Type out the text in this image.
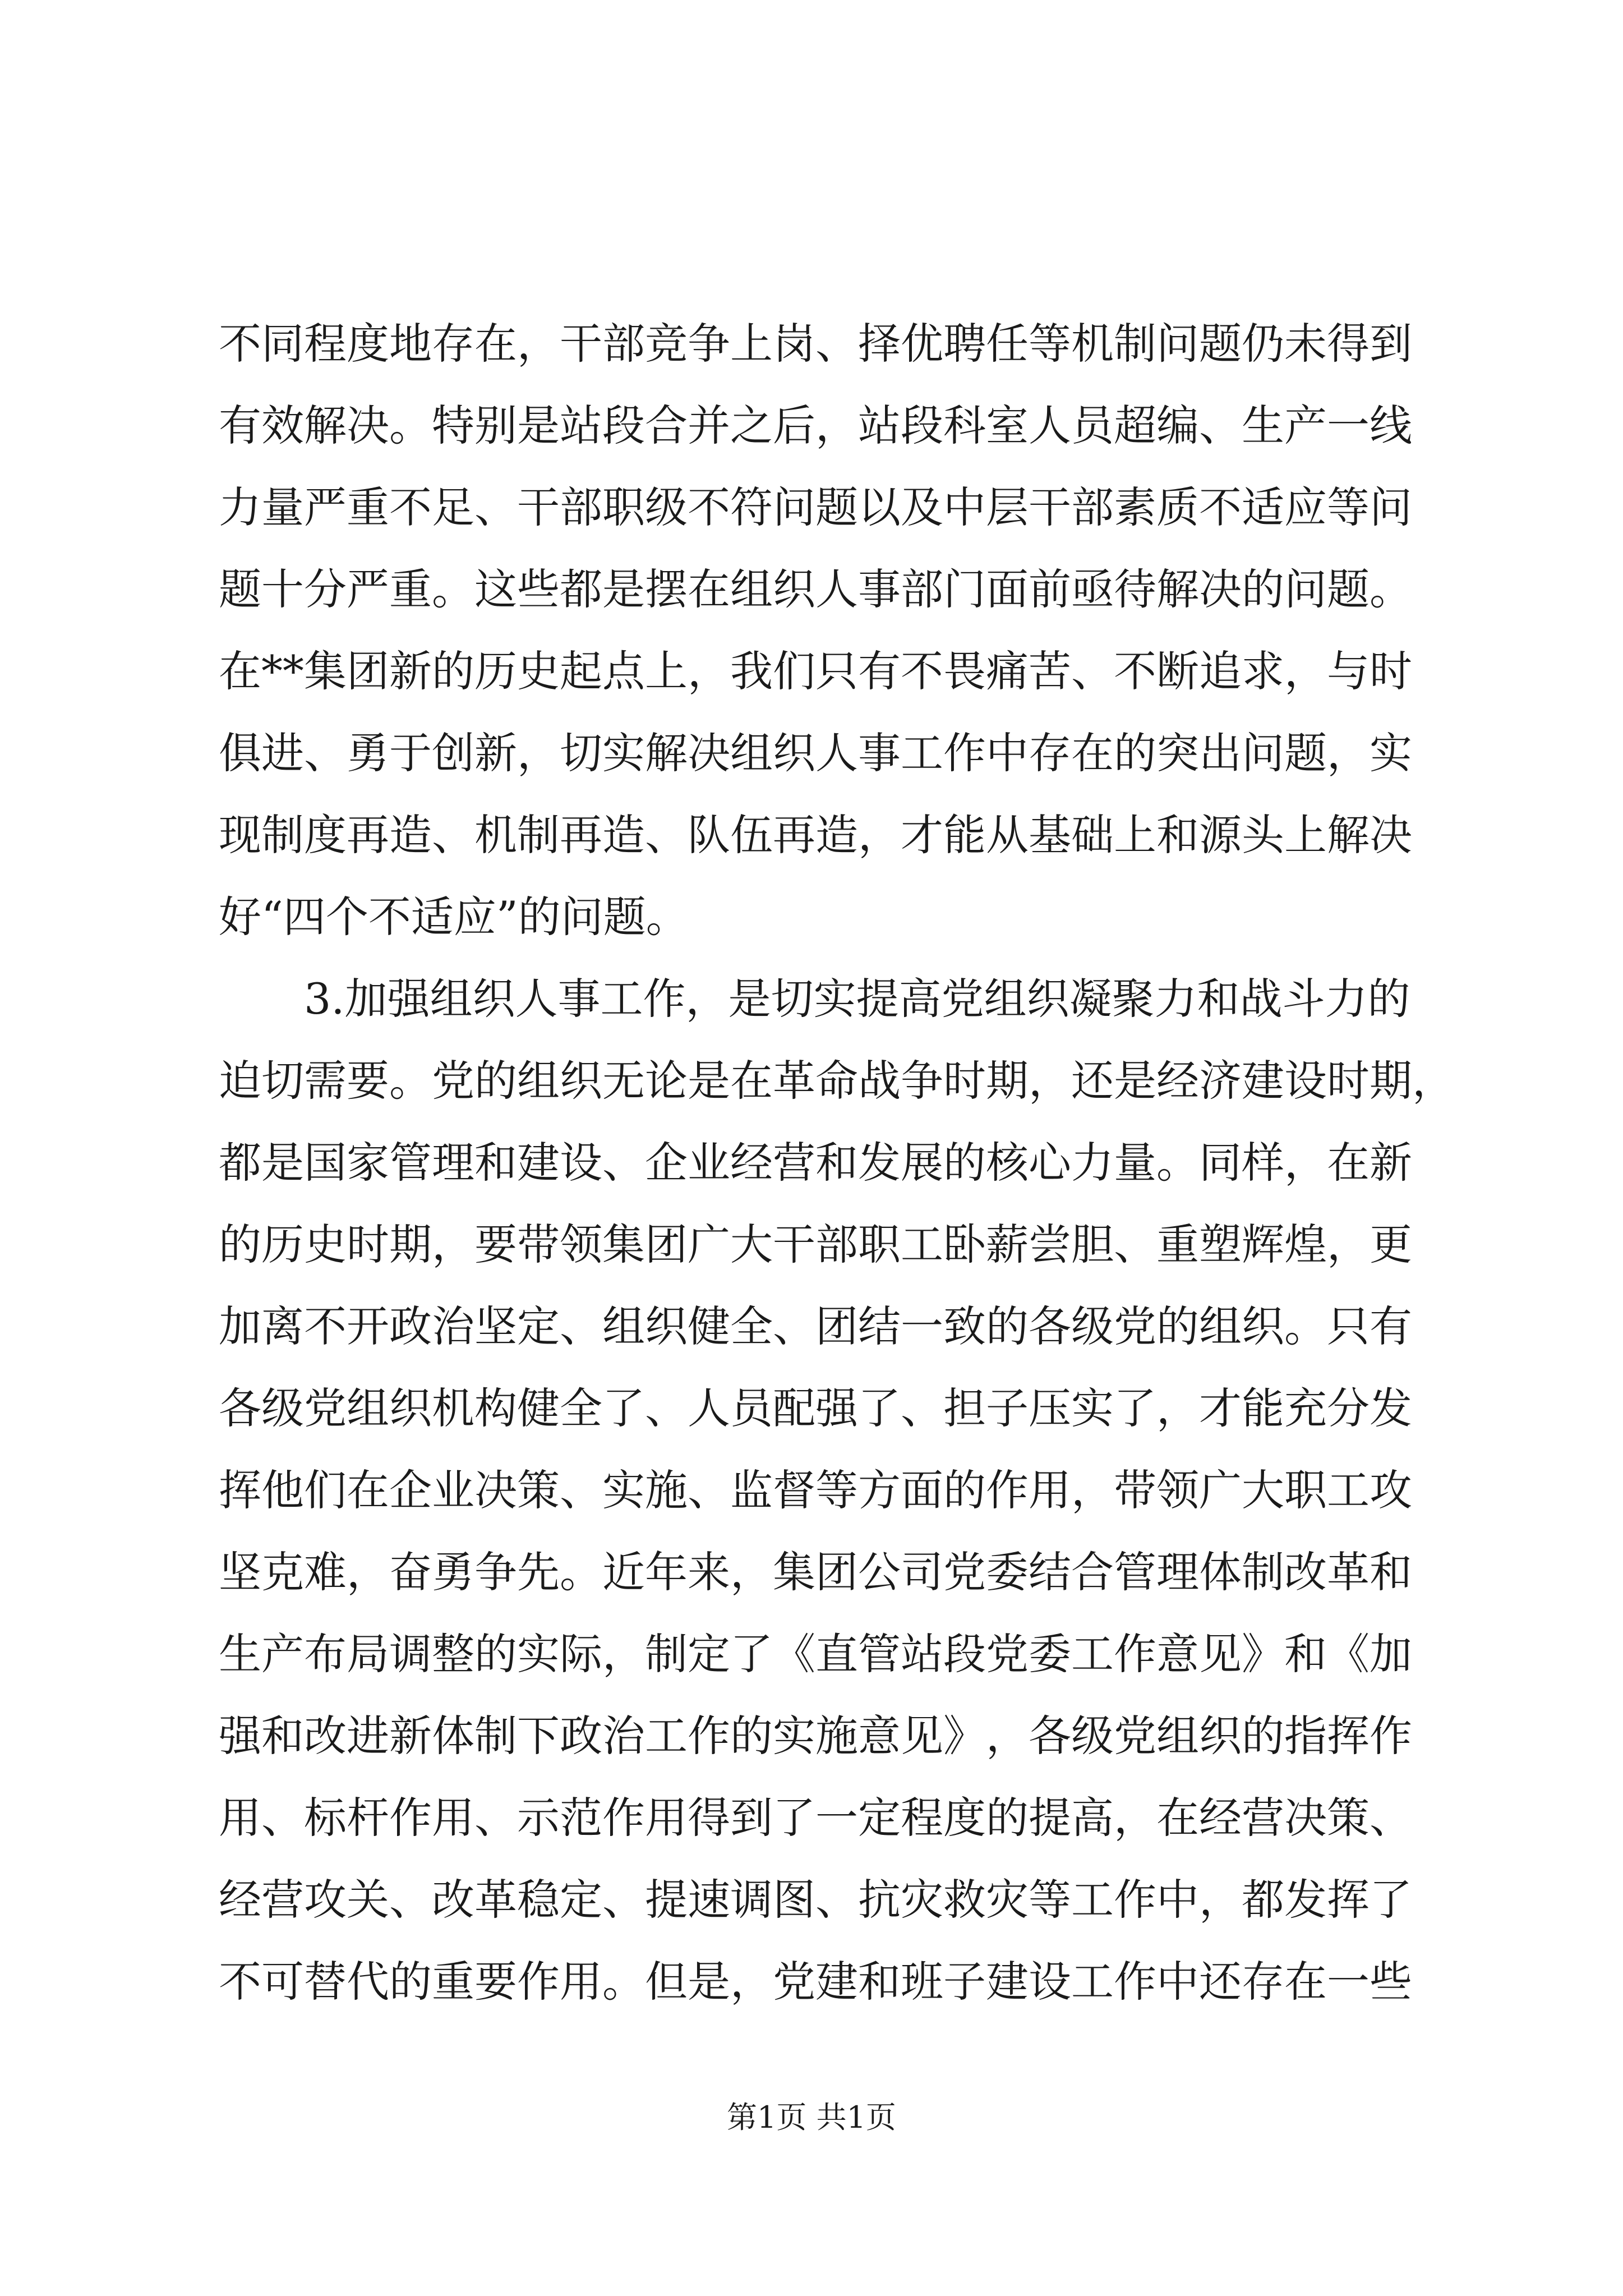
不 同 程 度 地 存 在 ， 干 部 竞 争 上 岗 、 择 优 聘 任 等 机 制 问 题 仍 未 得 到
有 效 解 决 。 特 别 是 站 段 合 并 之 后 ， 站 段 科 室 人 员 超 编 、 生 产 一 线
力 量 严 重 不 足 、 干 部 职 级 不 符 问 题 以 及 中 层 干 部 素 质 不 适 应 等 问
题 十 分 严 重 。 这 些 都 是 摆 在 组 织 人 事 部 门 面 前 亟 待 解 决 的 问 题 。
在 * * 集 团 新 的 历 史 起 点 上 ， 我 们 只 有 不 畏 痛 苦 、 不 断 追 求 ， 与 时
俱 进 、 勇 于 创 新 ， 切 实 解 决 组 织 人 事 工 作 中 存 在 的 突 出 问 题 ， 实
现 制 度 再 造 、 机 制 再 造 、 队 伍 再 造 ， 才 能 从 基 础 上 和 源 头 上 解 决
好“四个不适应”的问题。
3 . 加 强 组 织 人 事 工 作 ， 是 切 实 提 高 党 组 织 凝 聚 力 和 战 斗 力 的
迫 切 需 要 。 党 的 组 织 无 论 是 在 革 命 战 争 时 期 ， 还 是 经 济 建 设 时 期 ，
都 是 国 家 管 理 和 建 设 、 企 业 经 营 和 发 展 的 核 心 力 量 。 同 样 ， 在 新
的 历 史 时 期 ， 要 带 领 集 团 广 大 干 部 职 工 卧 薪 尝 胆 、 重 塑 辉 煌 ， 更
加 离 不 开 政 治 坚 定 、 组 织 健 全 、 团 结 一 致 的 各 级 党 的 组 织 。 只 有
各 级 党 组 织 机 构 健 全 了 、 人 员 配 强 了 、 担 子 压 实 了 ， 才 能 充 分 发
挥 他 们 在 企 业 决 策 、 实 施 、 监 督 等 方 面 的 作 用 ， 带 领 广 大 职 工 攻
坚 克 难 ， 奋 勇 争 先 。 近 年 来 ， 集 团 公 司 党 委 结 合 管 理 体 制 改 革 和
生 产 布 局 调 整 的 实 际 ， 制 定 了 《 直 管 站 段 党 委 工 作 意 见 》 和 《 加
强 和 改 进 新 体 制 下 政 治 工 作 的 实 施 意 见 》 ， 各 级 党 组 织 的 指 挥 作
用 、 标 杆 作 用 、 示 范 作 用 得 到 了 一 定 程 度 的 提 高 ， 在 经 营 决 策 、
经 营 攻 关 、 改 革 稳 定 、 提 速 调 图 、 抗 灾 救 灾 等 工 作 中 ， 都 发 挥 了
不 可 替 代 的 重 要 作 用 。 但 是 ， 党 建 和 班 子 建 设 工 作 中 还 存 在 一 些
第1页 共1页
